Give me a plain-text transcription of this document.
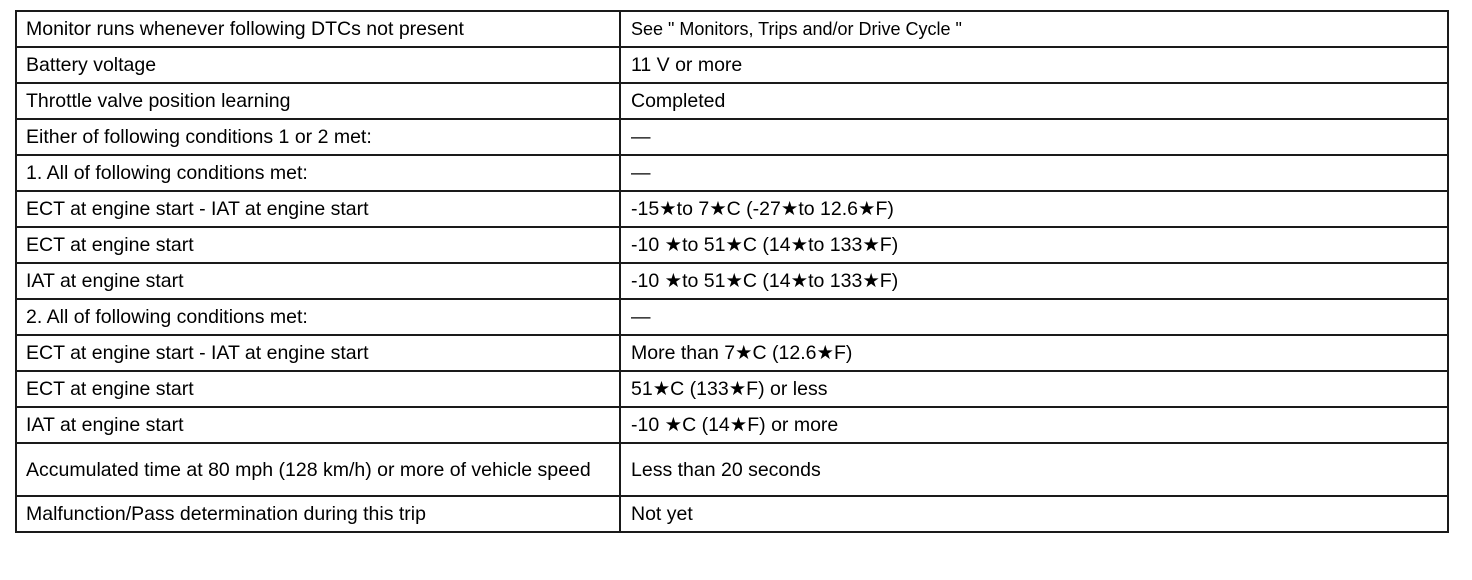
Monitor runs whenever following DTCs not present	See " Monitors, Trips and/or Drive Cycle "
Battery voltage	11 V or more
Throttle valve position learning	Completed
Either of following conditions 1 or 2 met:	—
1. All of following conditions met:	—
ECT at engine start - IAT at engine start	-15★to 7★C (-27★to 12.6★F)
ECT at engine start	-10 ★to 51★C (14★to 133★F)
IAT at engine start	-10 ★to 51★C (14★to 133★F)
2. All of following conditions met:	—
ECT at engine start - IAT at engine start	More than 7★C (12.6★F)
ECT at engine start	51★C (133★F) or less
IAT at engine start	-10 ★C (14★F) or more
Accumulated time at 80 mph (128 km/h) or more of vehicle speed	Less than 20 seconds
Malfunction/Pass determination during this trip	Not yet
